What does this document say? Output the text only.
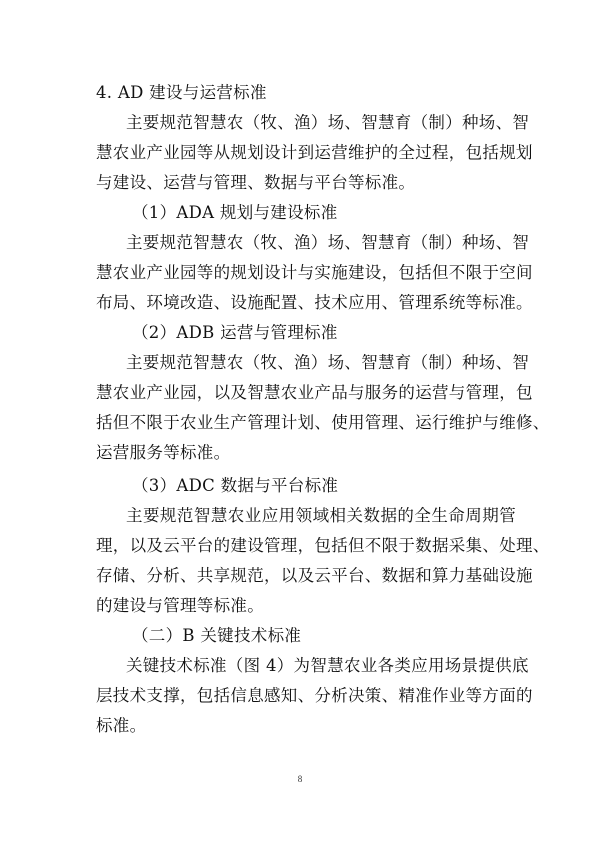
4. AD 建设与运营标准
主要规范智慧农（牧、渔）场、智慧育（制）种场、智
慧农业产业园等从规划设计到运营维护的全过程，包括规划
与建设、运营与管理、数据与平台等标准。
（1）ADA 规划与建设标准
主要规范智慧农（牧、渔）场、智慧育（制）种场、智
慧农业产业园等的规划设计与实施建设，包括但不限于空间
布局、环境改造、设施配置、技术应用、管理系统等标准。
（2）ADB 运营与管理标准
主要规范智慧农（牧、渔）场、智慧育（制）种场、智
慧农业产业园，以及智慧农业产品与服务的运营与管理，包
括但不限于农业生产管理计划、使用管理、运行维护与维修、
运营服务等标准。
（3）ADC 数据与平台标准
主要规范智慧农业应用领域相关数据的全生命周期管
理，以及云平台的建设管理，包括但不限于数据采集、处理、
存储、分析、共享规范，以及云平台、数据和算力基础设施
的建设与管理等标准。
（二）B 关键技术标准
关键技术标准（图 4）为智慧农业各类应用场景提供底
层技术支撑，包括信息感知、分析决策、精准作业等方面的
标准。
8
